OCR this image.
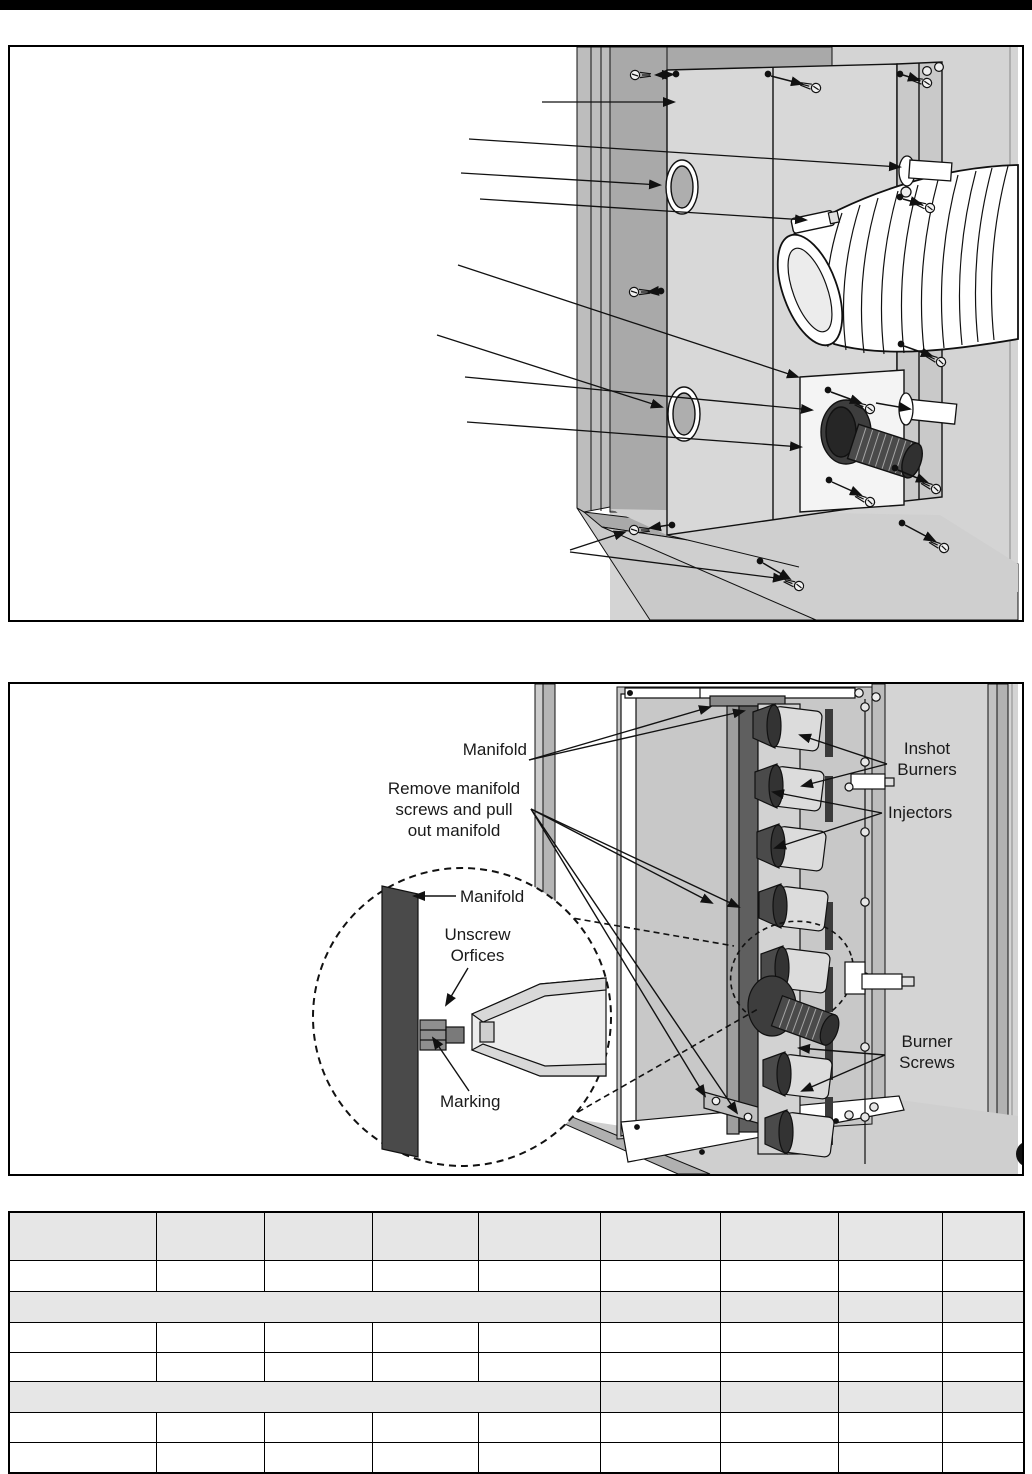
Manifold
Remove manifold
screws and pull
out manifold
Manifold
Unscrew
Orfices
Marking
Inshot
Burners
Injectors
Burner
Screws
